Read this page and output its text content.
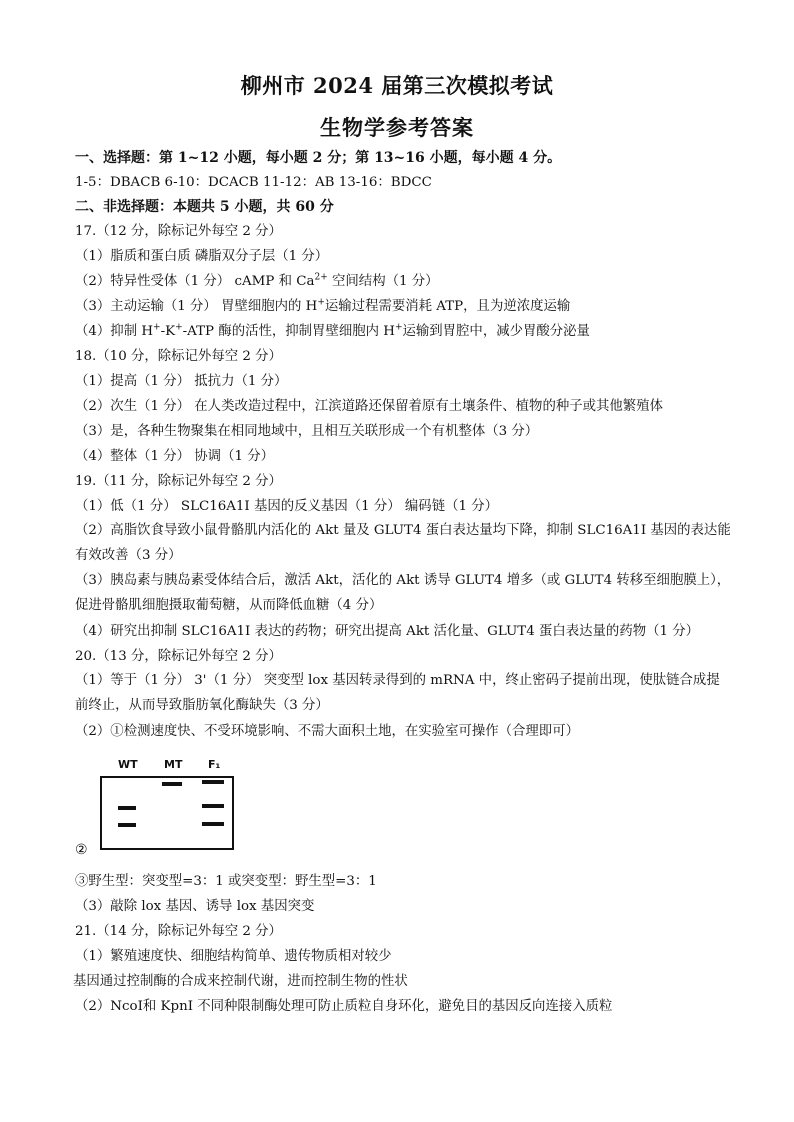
柳州市 2024 届第三次模拟考试
生物学参考答案
一、选择题：第 1~12 小题，每小题 2 分；第 13~16 小题，每小题 4 分。
1-5：DBACB 6-10：DCACB 11-12：AB 13-16：BDCC
二、非选择题：本题共 5 小题，共 60 分
17.（12 分，除标记外每空 2 分）
（1）脂质和蛋白质 磷脂双分子层（1 分）
（2）特异性受体（1 分） cAMP 和 $Ca^{2+}$ 空间结构（1 分）
（3）主动运输（1 分） 胃壁细胞内的 H+运输过程需要消耗 ATP，且为逆浓度运输
（4）抑制 H+-K+-ATP 酶的活性，抑制胃壁细胞内 H+运输到胃腔中，减少胃酸分泌量
18.（10 分，除标记外每空 2 分）
（1）提高（1 分） 抵抗力（1 分）
（2）次生（1 分） 在人类改造过程中，江滨道路还保留着原有土壤条件、植物的种子或其他繁殖体
（3）是，各种生物聚集在相同地域中，且相互关联形成一个有机整体（3 分）
（4）整体（1 分） 协调（1 分）
19.（11 分，除标记外每空 2 分）
（1）低（1 分） SLC16A1I 基因的反义基因（1 分） 编码链（1 分）
（2）高脂饮食导致小鼠骨骼肌内活化的 Akt 量及 GLUT4 蛋白表达量均下降，抑制 SLC16A1I 基因的表达能有效改善（3 分）
（3）胰岛素与胰岛素受体结合后，激活 Akt，活化的 Akt 诱导 GLUT4 增多（或 GLUT4 转移至细胞膜上），促进骨骼肌细胞摄取葡萄糖，从而降低血糖（4 分）
（4）研究出抑制 SLC16A1I 表达的药物；研究出提高 Akt 活化量、GLUT4 蛋白表达量的药物（1 分）
20.（13 分，除标记外每空 2 分）
（1）等于（1 分） 3'（1 分） 突变型 lox 基因转录得到的 mRNA 中，终止密码子提前出现，使肽链合成提前终止，从而导致脂肪氧化酶缺失（3 分）
（2）①检测速度快、不受环境影响、不需大面积土地，在实验室可操作（合理即可）
WT MT F₁
②
③野生型：突变型=3：1 或突变型：野生型=3：1
（3）敲除 lox 基因、诱导 lox 基因突变
21.（14 分，除标记外每空 2 分）
（1）繁殖速度快、细胞结构简单、遗传物质相对较少
基因通过控制酶的合成来控制代谢，进而控制生物的性状
（2）NcoI和 KpnI 不同种限制酶处理可防止质粒自身环化，避免目的基因反向连接入质粒
